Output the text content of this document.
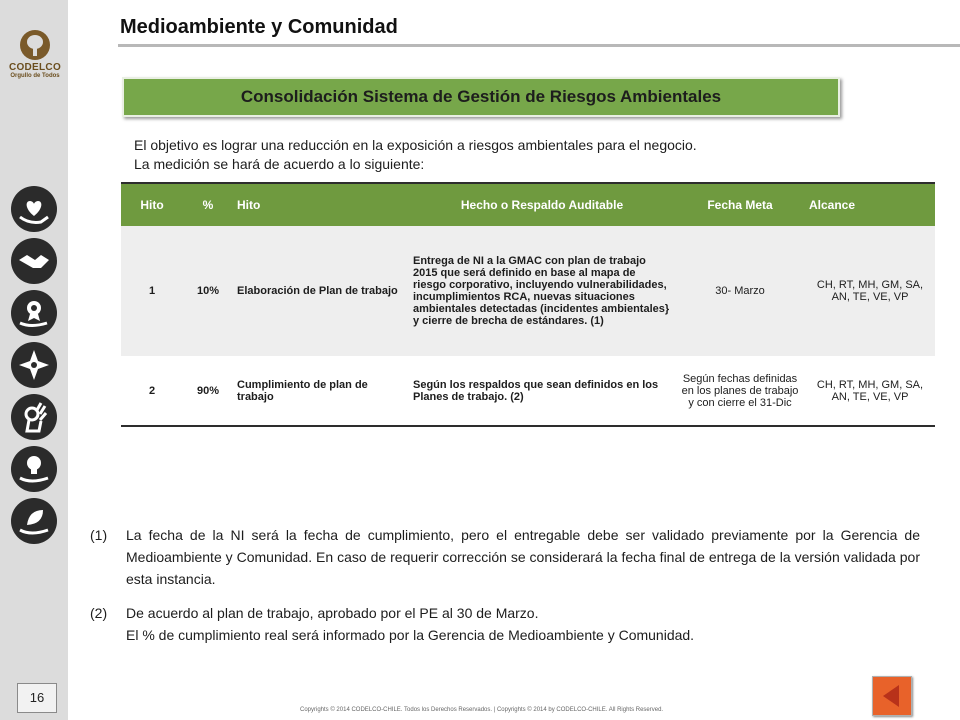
CODELCO
Orgullo de Todos
16
Medioambiente y Comunidad
Consolidación Sistema de Gestión de Riesgos Ambientales
El objetivo es lograr una reducción en la exposición a riesgos ambientales para el negocio.
La medición se hará de acuerdo a lo siguiente:
Hito	%	Hito	Hecho o Respaldo Auditable	Fecha Meta	Alcance
1	10%	Elaboración de Plan de trabajo	Entrega de NI a la GMAC con plan de trabajo 2015 que será definido en base al mapa de riesgo corporativo, incluyendo vulnerabilidades, incumplimientos RCA, nuevas situaciones ambientales detectadas (incidentes ambientales} y cierre de brecha de estándares. (1)	30- Marzo	CH, RT, MH, GM, SA, AN, TE, VE, VP
2	90%	Cumplimiento de plan de trabajo	Según los respaldos que sean definidos en los Planes de trabajo. (2)	Según fechas definidas en los planes de trabajo y con cierre el 31-Dic	CH, RT, MH, GM, SA, AN, TE, VE, VP
(1) La fecha de la NI será la fecha de cumplimiento, pero el entregable debe ser validado previamente por la Gerencia de Medioambiente y Comunidad. En caso de requerir corrección se considerará la fecha final de entrega de la versión validada por esta instancia.
(2) De acuerdo al plan de trabajo, aprobado por el PE al 30 de Marzo.
El % de cumplimiento real será informado por la Gerencia de Medioambiente y Comunidad.
Copyrights © 2014 CODELCO-CHILE. Todos los Derechos Reservados. | Copyrights © 2014 by CODELCO-CHILE. All Rights Reserved.
